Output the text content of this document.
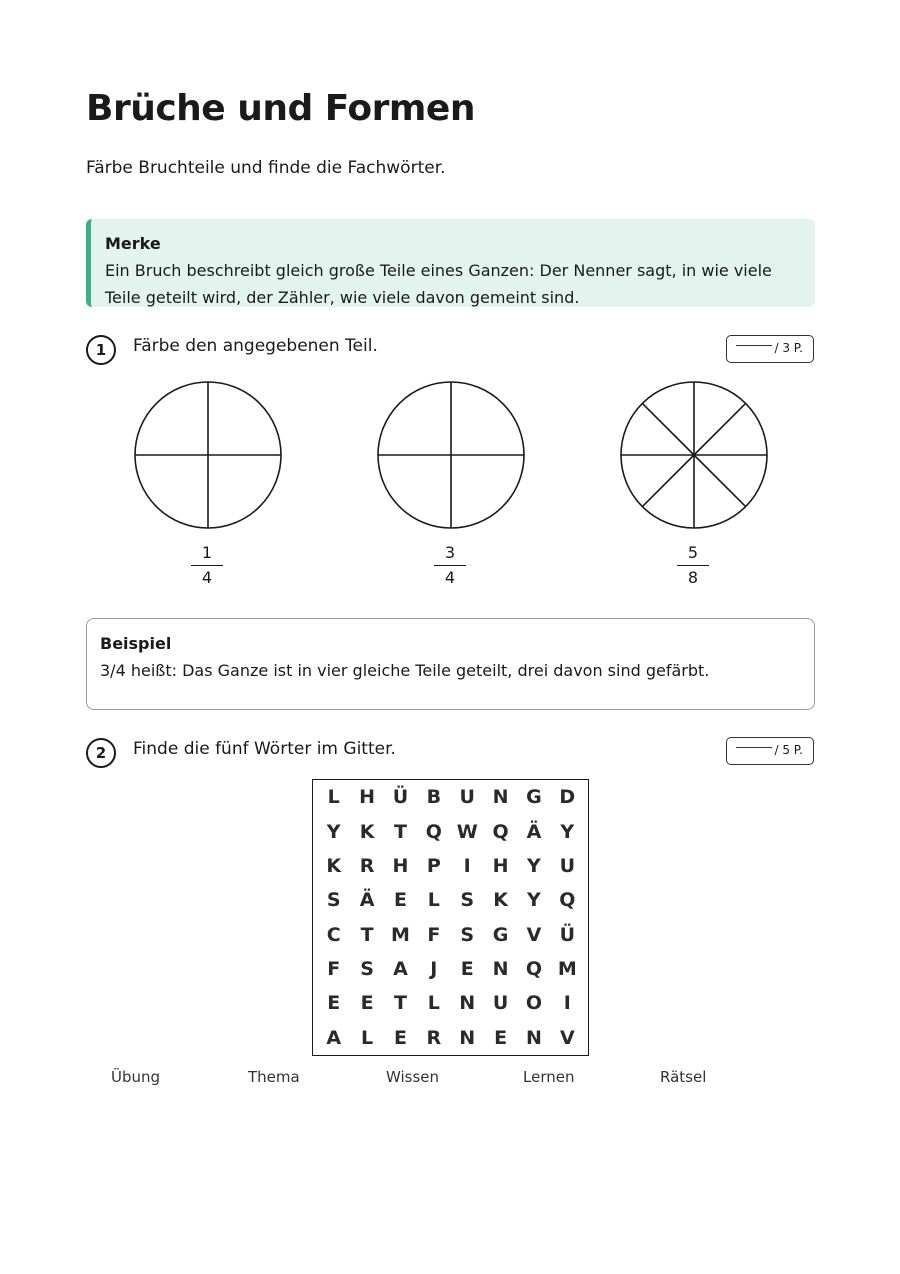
Brüche und Formen
Färbe Bruchteile und finde die Fachwörter.
Merke
Ein Bruch beschreibt gleich große Teile eines Ganzen: Der Nenner sagt, in wie viele
Teile geteilt wird, der Zähler, wie viele davon gemeint sind.
1	Färbe den angegebenen Teil.	/ 3 P.
1
4
3
4
5
8
Beispiel
3/4 heißt: Das Ganze ist in vier gleiche Teile geteilt, drei davon sind gefärbt.
2	Finde die fünf Wörter im Gitter.	/ 5 P.
L	H Ü B U N G D
Y	K	T Q W Q Ä	Y
K R H P	I	H Y U
S	Ä	E	L	S	K	Y Q
C	T M F	S G V Ü
F	S	A	J	E N Q M
E	E	T	L	N U O	I
A	L	E	R N E N V
Übung	Thema	Wissen	Lernen	Rätsel
